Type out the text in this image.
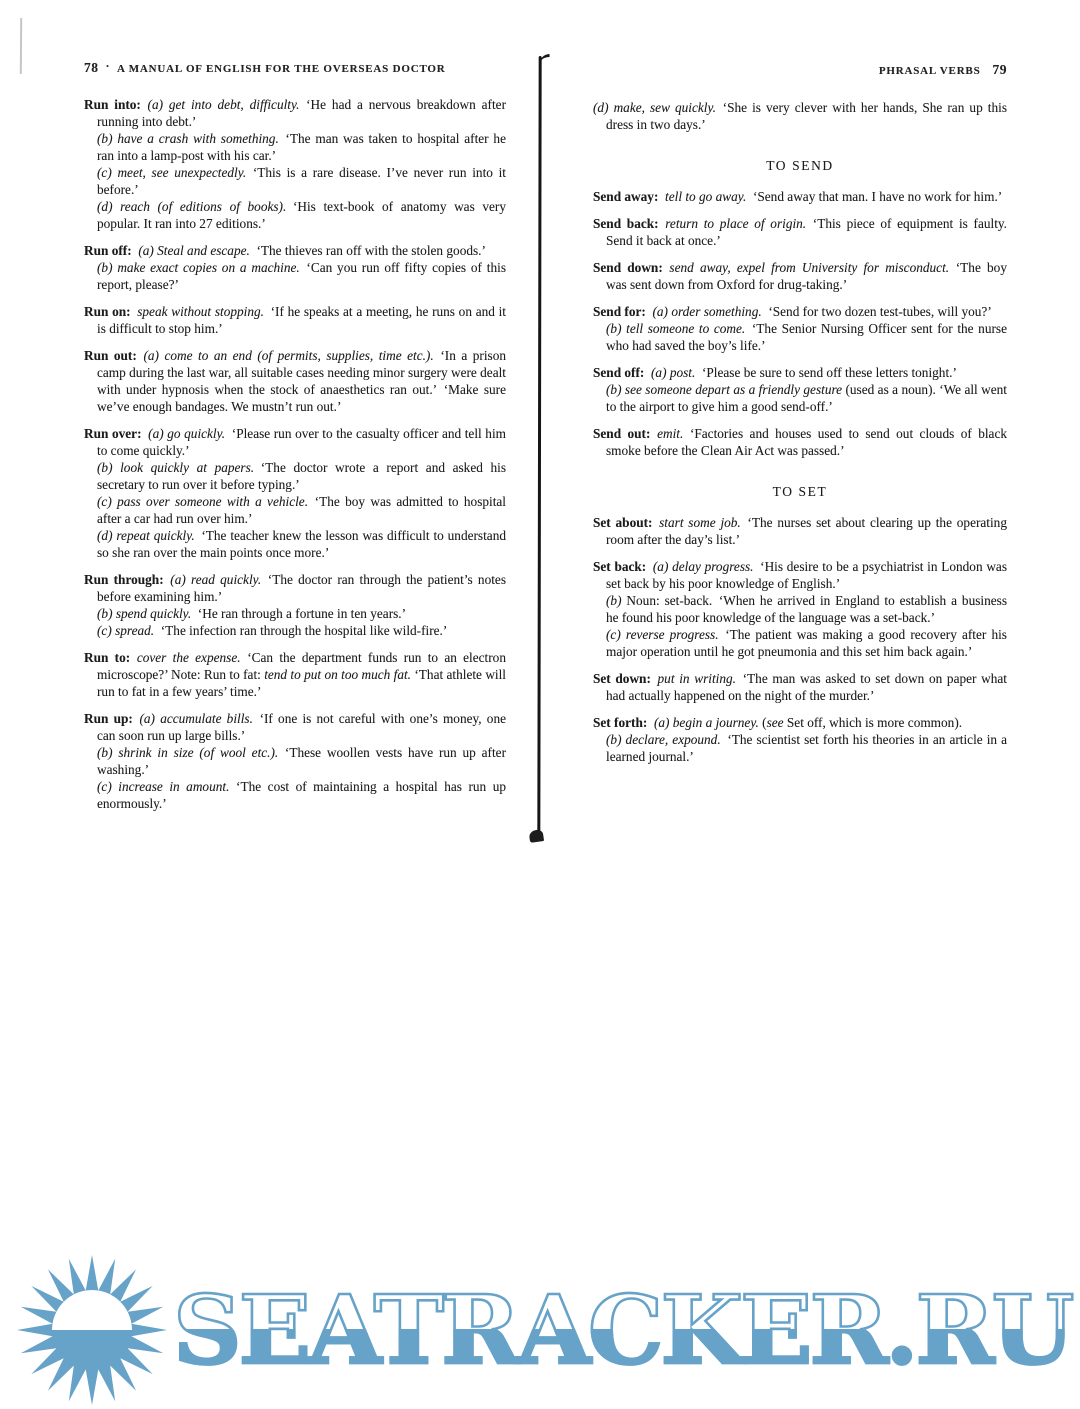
78 · A MANUAL OF ENGLISH FOR THE OVERSEAS DOCTOR
Run into:  (a) get into debt, difficulty. ‘He had a nervous breakdown after running into debt.’
(b) have a crash with something. ‘The man was taken to hospital after he ran into a lamp-post with his car.’
(c) meet, see unexpectedly. ‘This is a rare disease. I’ve never run into it before.’
(d) reach (of editions of books). ‘His text-book of anatomy was very popular. It ran into 27 editions.’
Run off:  (a) Steal and escape. ‘The thieves ran off with the stolen goods.’
(b) make exact copies on a machine. ‘Can you run off fifty copies of this report, please?’
Run on:  speak without stopping. ‘If he speaks at a meeting, he runs on and it is difficult to stop him.’
Run out:  (a) come to an end (of permits, supplies, time etc.). ‘In a prison camp during the last war, all suitable cases needing minor surgery were dealt with under hypnosis when the stock of anaesthetics ran out.’ ‘Make sure we’ve enough bandages. We mustn’t run out.’
Run over:  (a) go quickly. ‘Please run over to the casualty officer and tell him to come quickly.’
(b) look quickly at papers. ‘The doctor wrote a report and asked his secretary to run over it before typing.’
(c) pass over someone with a vehicle. ‘The boy was admitted to hospital after a car had run over him.’
(d) repeat quickly. ‘The teacher knew the lesson was difficult to understand so she ran over the main points once more.’
Run through:  (a) read quickly. ‘The doctor ran through the patient’s notes before examining him.’
(b) spend quickly. ‘He ran through a fortune in ten years.’
(c) spread. ‘The infection ran through the hospital like wild-fire.’
Run to:  cover the expense. ‘Can the department funds run to an electron microscope?’ Note: Run to fat: tend to put on too much fat. ‘That athlete will run to fat in a few years’ time.’
Run up:  (a) accumulate bills. ‘If one is not careful with one’s money, one can soon run up large bills.’
(b) shrink in size (of wool etc.). ‘These woollen vests have run up after washing.’
(c) increase in amount. ‘The cost of maintaining a hospital has run up enormously.’
PHRASAL VERBS 79
(d) make, sew quickly. ‘She is very clever with her hands, She ran up this dress in two days.’
TO SEND
Send away:  tell to go away. ‘Send away that man. I have no work for him.’
Send back:  return to place of origin. ‘This piece of equipment is faulty. Send it back at once.’
Send down:  send away, expel from University for misconduct. ‘The boy was sent down from Oxford for drug-taking.’
Send for:  (a) order something. ‘Send for two dozen test-tubes, will you?’
(b) tell someone to come. ‘The Senior Nursing Officer sent for the nurse who had saved the boy’s life.’
Send off:  (a) post. ‘Please be sure to send off these letters tonight.’
(b) see someone depart as a friendly gesture (used as a noun). ‘We all went to the airport to give him a good send-off.’
Send out:  emit. ‘Factories and houses used to send out clouds of black smoke before the Clean Air Act was passed.’
TO SET
Set about:  start some job. ‘The nurses set about clearing up the operating room after the day’s list.’
Set back:  (a) delay progress. ‘His desire to be a psychiatrist in London was set back by his poor knowledge of English.’
(b) Noun: set-back. ‘When he arrived in England to establish a business he found his poor knowledge of the language was a set-back.’
(c) reverse progress. ‘The patient was making a good recovery after his major operation until he got pneumonia and this set him back again.’
Set down:  put in writing. ‘The man was asked to set down on paper what had actually happened on the night of the murder.’
Set forth:  (a) begin a journey. (see Set off, which is more common).
(b) declare, expound. ‘The scientist set forth his theories in an article in a learned journal.’
SEATRACKER.RU
